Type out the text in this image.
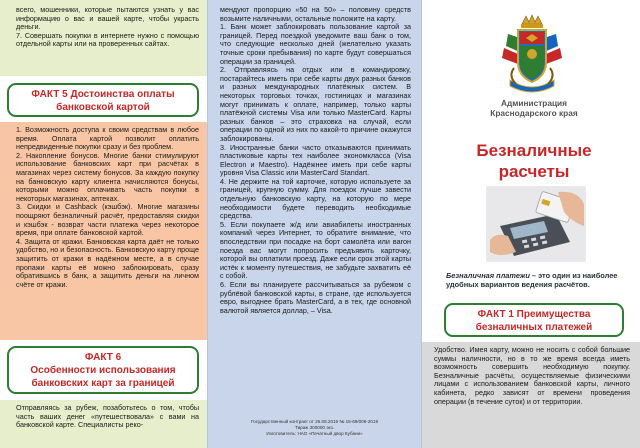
всего, мошенники, которые пытаются узнать у вас информацию о вас и вашей карте, чтобы украсть деньги.
7. Совершать покупки в интернете нужно с помощью отдельной карты или на проверенных сайтах.

ФАКТ 5 Достоинства оплаты
банковской картой

1. Возможность доступа к своим средствам в любое время. Оплата картой позволит оплатить непредвиденные покупки сразу и без проблем.
2. Накопление бонусов. Многие банки стимулируют использование банковских карт при расчётах в магазинах через систему бонусов. За каждую покупку на банковскую карту клиента начисляются бонусы, которыми можно оплачивать часть покупки в некоторых магазинах, аптеках.
3. Скидки и Cashback (кэшбэк). Многие магазины поощряют безналичный расчёт, предоставляя скидки и кэшбэк - возврат части платежа через некоторое время, при оплате банковской картой.
4. Защита от кражи. Банковская карта даёт не только удобство, но и безопасность. Банковскую карту проще защитить от кражи в надёжном месте, а в случае пропажи карты её можно заблокировать, сразу обратившись в банк, а защитить деньги на личном счёте от кражи.

ФАКТ 6
Особенности использования
банковских карт за границей

Отправляясь за рубеж, позаботьтесь о том, чтобы часть ваших денег «путешествовала» с вами на банковской карте. Специалисты реко-

мендуют пропорцию «50 на 50» – половину средств возьмите наличными, остальные положите на карту.
1. Банк может заблокировать пользование картой за границей. Перед поездкой уведомите ваш банк о том, что следующие несколько дней (желательно указать точные сроки пребывания) по карте будут совершаться операции за границей.
2. Отправляясь на отдых или в командировку, постарайтесь иметь при себе карты двух разных банков и разных международных платёжных систем. В некоторых торговых точках, гостиницах и магазинах могут принимать к оплате, например, только карты платёжной системы Visa или только MasterCard. Карты разных банков – это страховка на случай, если операции по одной из них по какой-то причине окажутся заблокированы.
3. Иностранные банки часто отказываются принимать пластиковые карты тех наиболее экономкласса (Visa Electron и Maestro). Надёжнее иметь при себе карты уровня Visa Classic или MasterCard Standart.
4. Не держите на той карточке, которую используете за границей, крупную сумму. Для поездок лучше завести отдельную банковскую карту, на которую по мере необходимости будете переводить необходимые средства.
5. Если покупаете ж/д или авиабилеты иностранных компаний через Интернет, то обратите внимание, что впоследствии при посадке на борт самолёта или вагон поезда вас могут попросить предъявить карточку, которой вы оплатили проезд. Даже если срок этой карты истёк к моменту путешествия, не забудьте захватить её с собой.
6. Если вы планируете рассчитываться за рубежом с рублёвой банковской карты, в стране, где используется евро, выгоднее брать MasterCard, а в тех, где основной валютой является доллар, – Visa.

Государственный контракт от 26.08.2019 № 15-69/006-2019
Тираж 300000 экз.
Изготовитель: НАО «Печатный двор Кубани»
Администрация
Краснодарского края
Безналичные
расчеты
Безналичная платежи – это один из наиболее удобных вариантов ведения расчётов.
ФАКТ 1 Преимущества
безналичных платежей

Удобство. Имея карту, можно не носить с собой большие суммы наличности, но в то же время всегда иметь возможность совершить необходимую покупку. Безналичные расчёты, осуществляемые физическими лицами с использованием банковской карты, личного кабинета, редко зависят от времени проведения операции (в течение суток) и от территории.
